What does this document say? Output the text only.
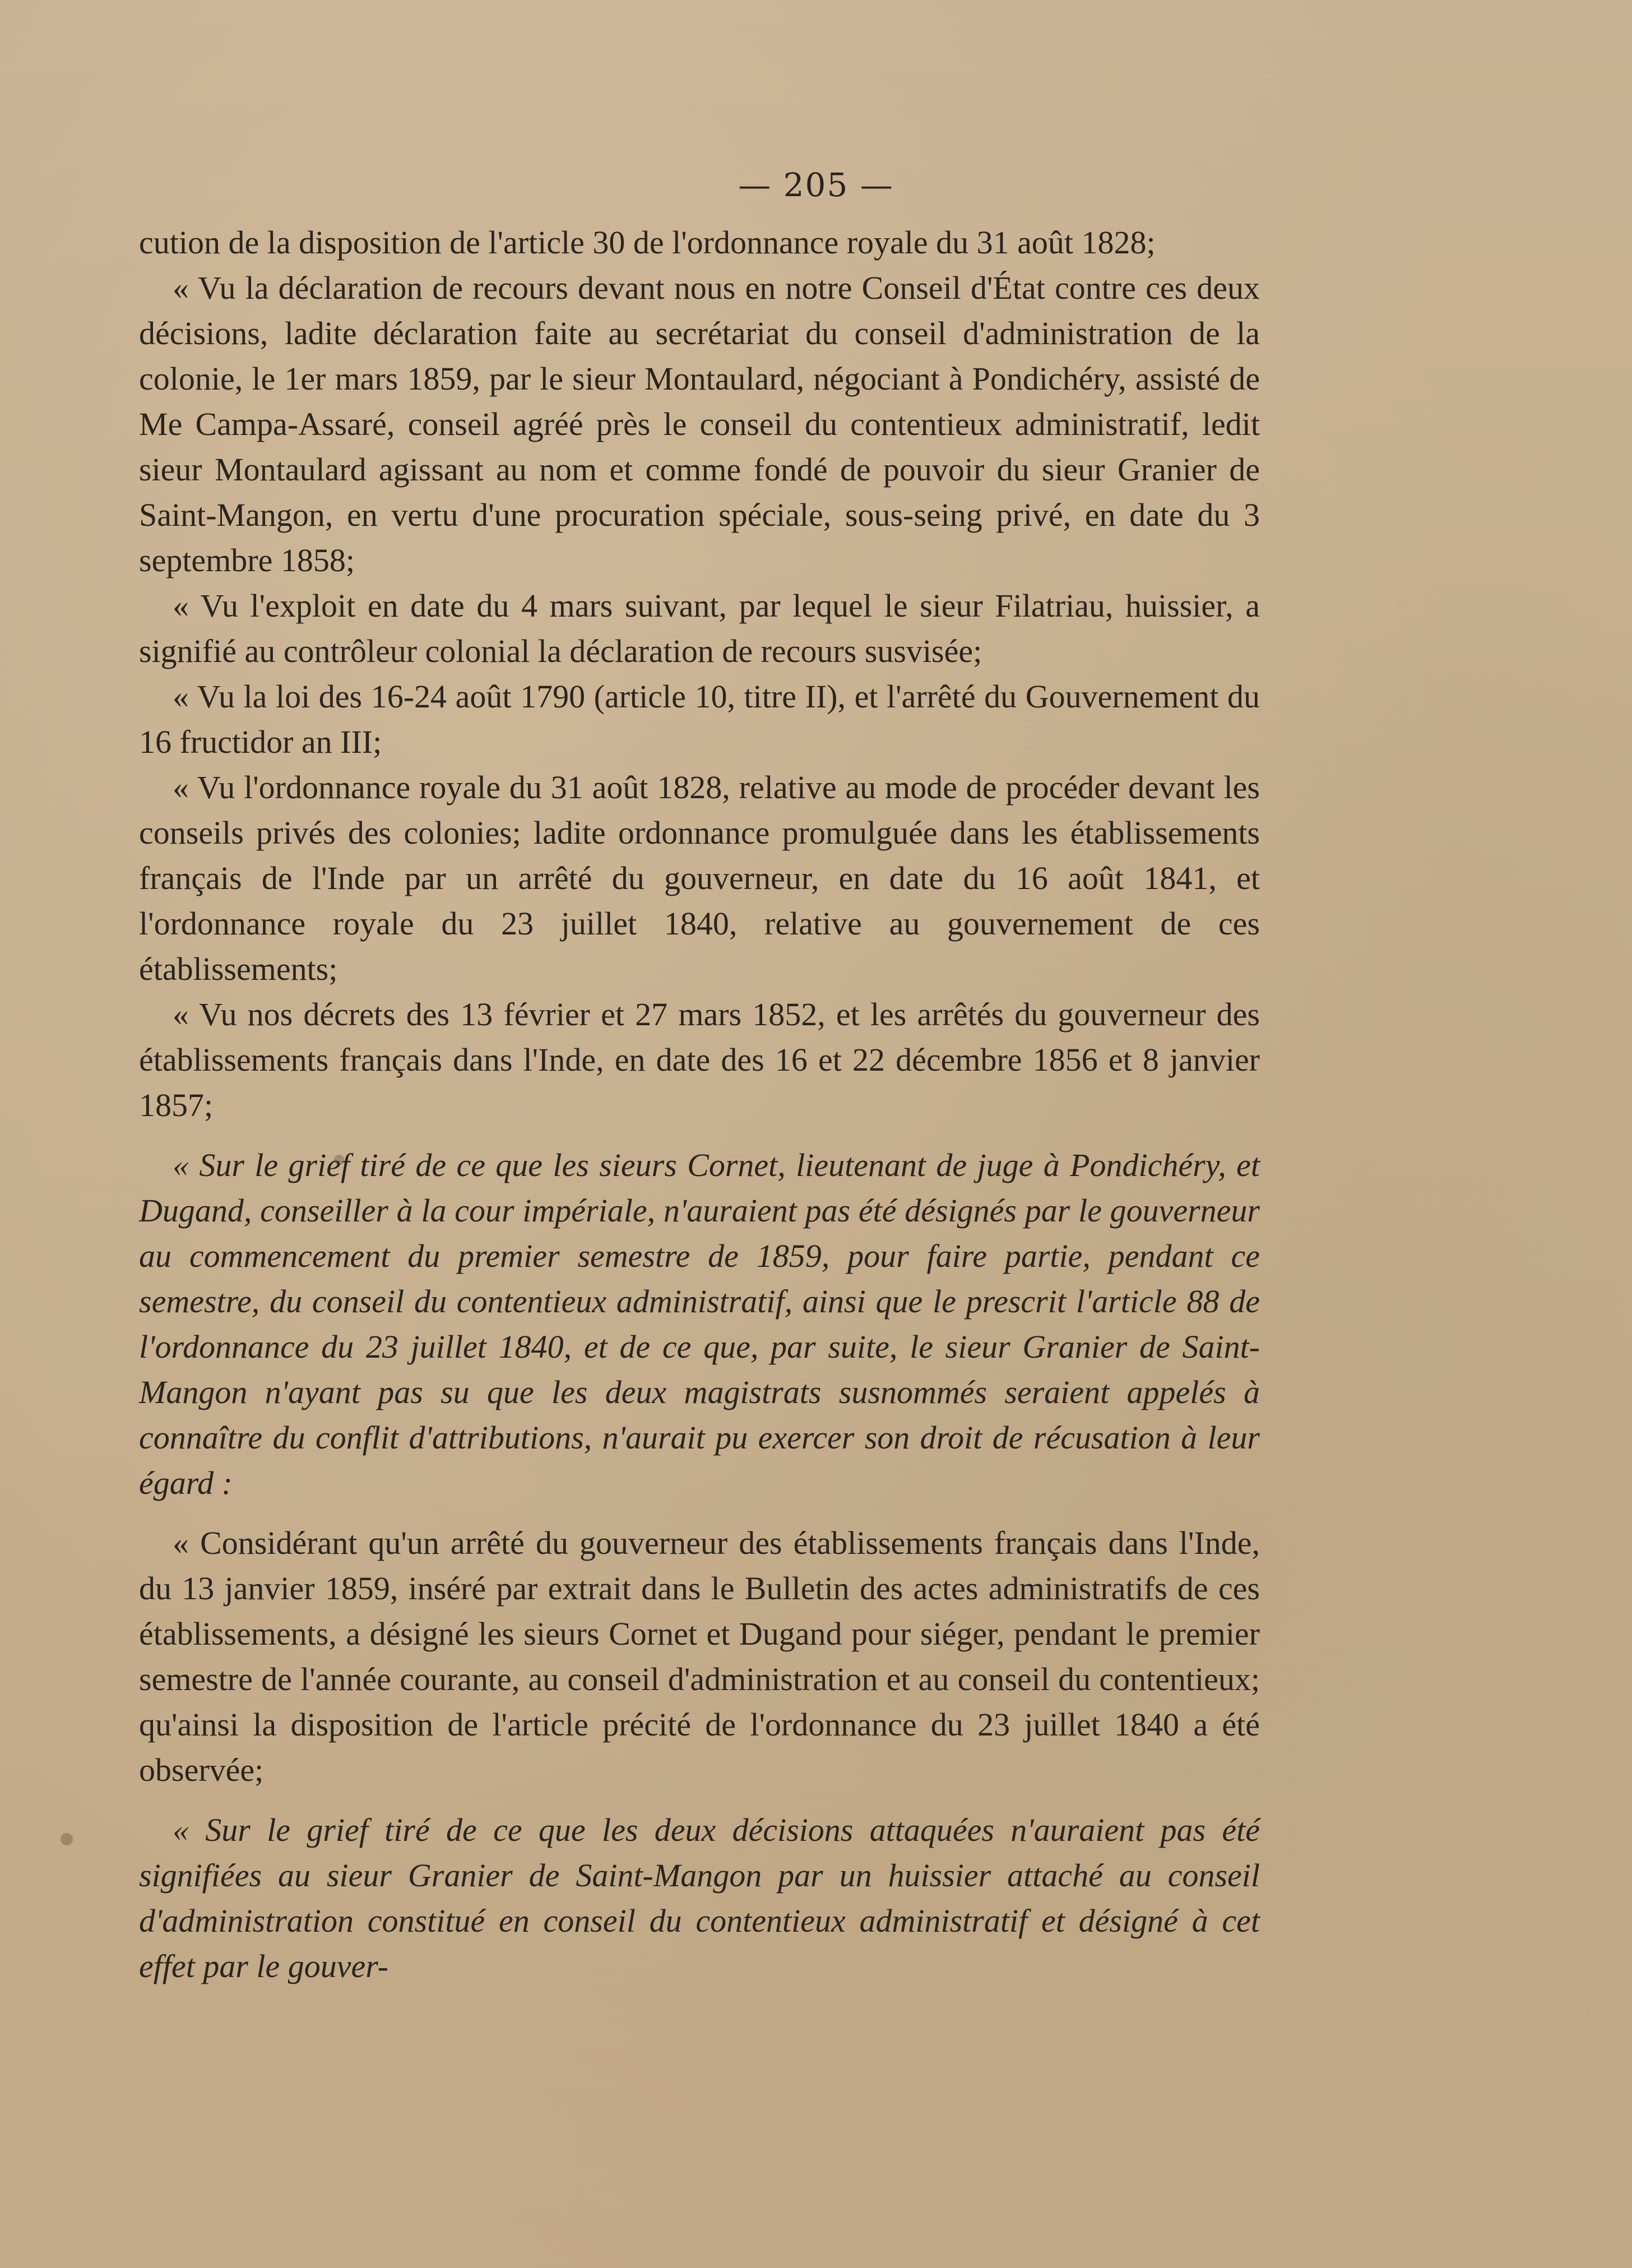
— 205 —

cution de la disposition de l'article 30 de l'ordonnance royale du 31 août 1828;

« Vu la déclaration de recours devant nous en notre Conseil d'État contre ces deux décisions, ladite déclaration faite au secrétariat du conseil d'administration de la colonie, le 1er mars 1859, par le sieur Montaulard, négociant à Pondichéry, assisté de Me Campa-Assaré, conseil agréé près le conseil du contentieux administratif, ledit sieur Montaulard agissant au nom et comme fondé de pouvoir du sieur Granier de Saint-Mangon, en vertu d'une procuration spéciale, sous-seing privé, en date du 3 septembre 1858;

« Vu l'exploit en date du 4 mars suivant, par lequel le sieur Filatriau, huissier, a signifié au contrôleur colonial la déclaration de recours susvisée;

« Vu la loi des 16-24 août 1790 (article 10, titre II), et l'arrêté du Gouvernement du 16 fructidor an III;

« Vu l'ordonnance royale du 31 août 1828, relative au mode de procéder devant les conseils privés des colonies; ladite ordonnance promulguée dans les établissements français de l'Inde par un arrêté du gouverneur, en date du 16 août 1841, et l'ordonnance royale du 23 juillet 1840, relative au gouvernement de ces établissements;

« Vu nos décrets des 13 février et 27 mars 1852, et les arrêtés du gouverneur des établissements français dans l'Inde, en date des 16 et 22 décembre 1856 et 8 janvier 1857;

« Sur le grief tiré de ce que les sieurs Cornet, lieutenant de juge à Pondichéry, et Dugand, conseiller à la cour impériale, n'auraient pas été désignés par le gouverneur au commencement du premier semestre de 1859, pour faire partie, pendant ce semestre, du conseil du contentieux administratif, ainsi que le prescrit l'article 88 de l'ordonnance du 23 juillet 1840, et de ce que, par suite, le sieur Granier de Saint-Mangon n'ayant pas su que les deux magistrats susnommés seraient appelés à connaître du conflit d'attributions, n'aurait pu exercer son droit de récusation à leur égard :

« Considérant qu'un arrêté du gouverneur des établissements français dans l'Inde, du 13 janvier 1859, inséré par extrait dans le Bulletin des actes administratifs de ces établissements, a désigné les sieurs Cornet et Dugand pour siéger, pendant le premier semestre de l'année courante, au conseil d'administration et au conseil du contentieux; qu'ainsi la disposition de l'article précité de l'ordonnance du 23 juillet 1840 a été observée;

« Sur le grief tiré de ce que les deux décisions attaquées n'auraient pas été signifiées au sieur Granier de Saint-Mangon par un huissier attaché au conseil d'administration constitué en conseil du contentieux administratif et désigné à cet effet par le gouver-
